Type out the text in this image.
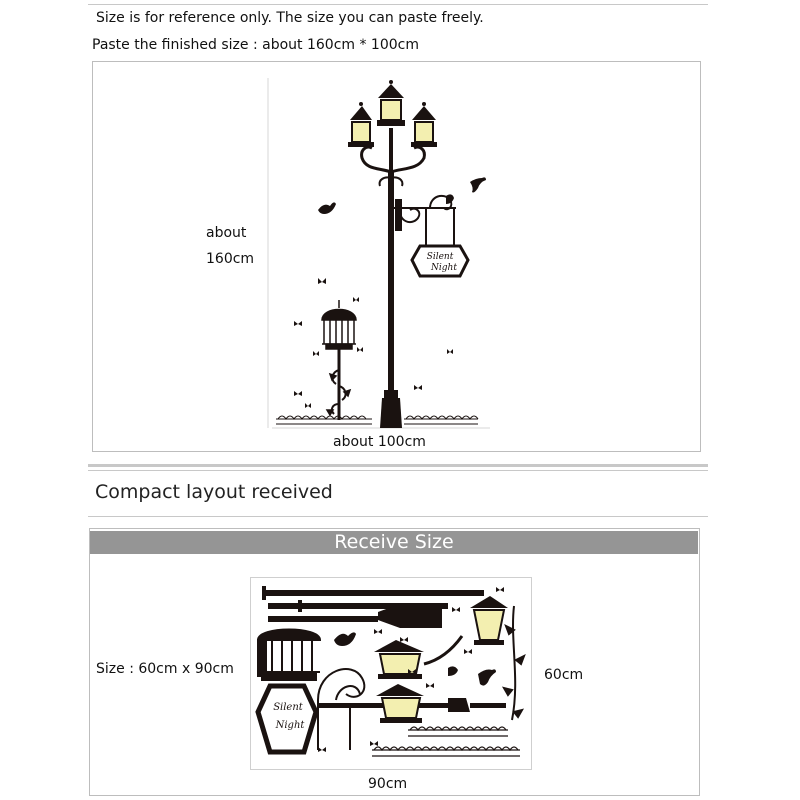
Size is for reference only. The size you can paste freely.
Paste the finished size : about 160cm * 100cm
about
160cm
about 100cm
Silent
Night
Compact layout received
Receive Size
Size : 60cm x 90cm	60cm
90cm
Silent
Night
